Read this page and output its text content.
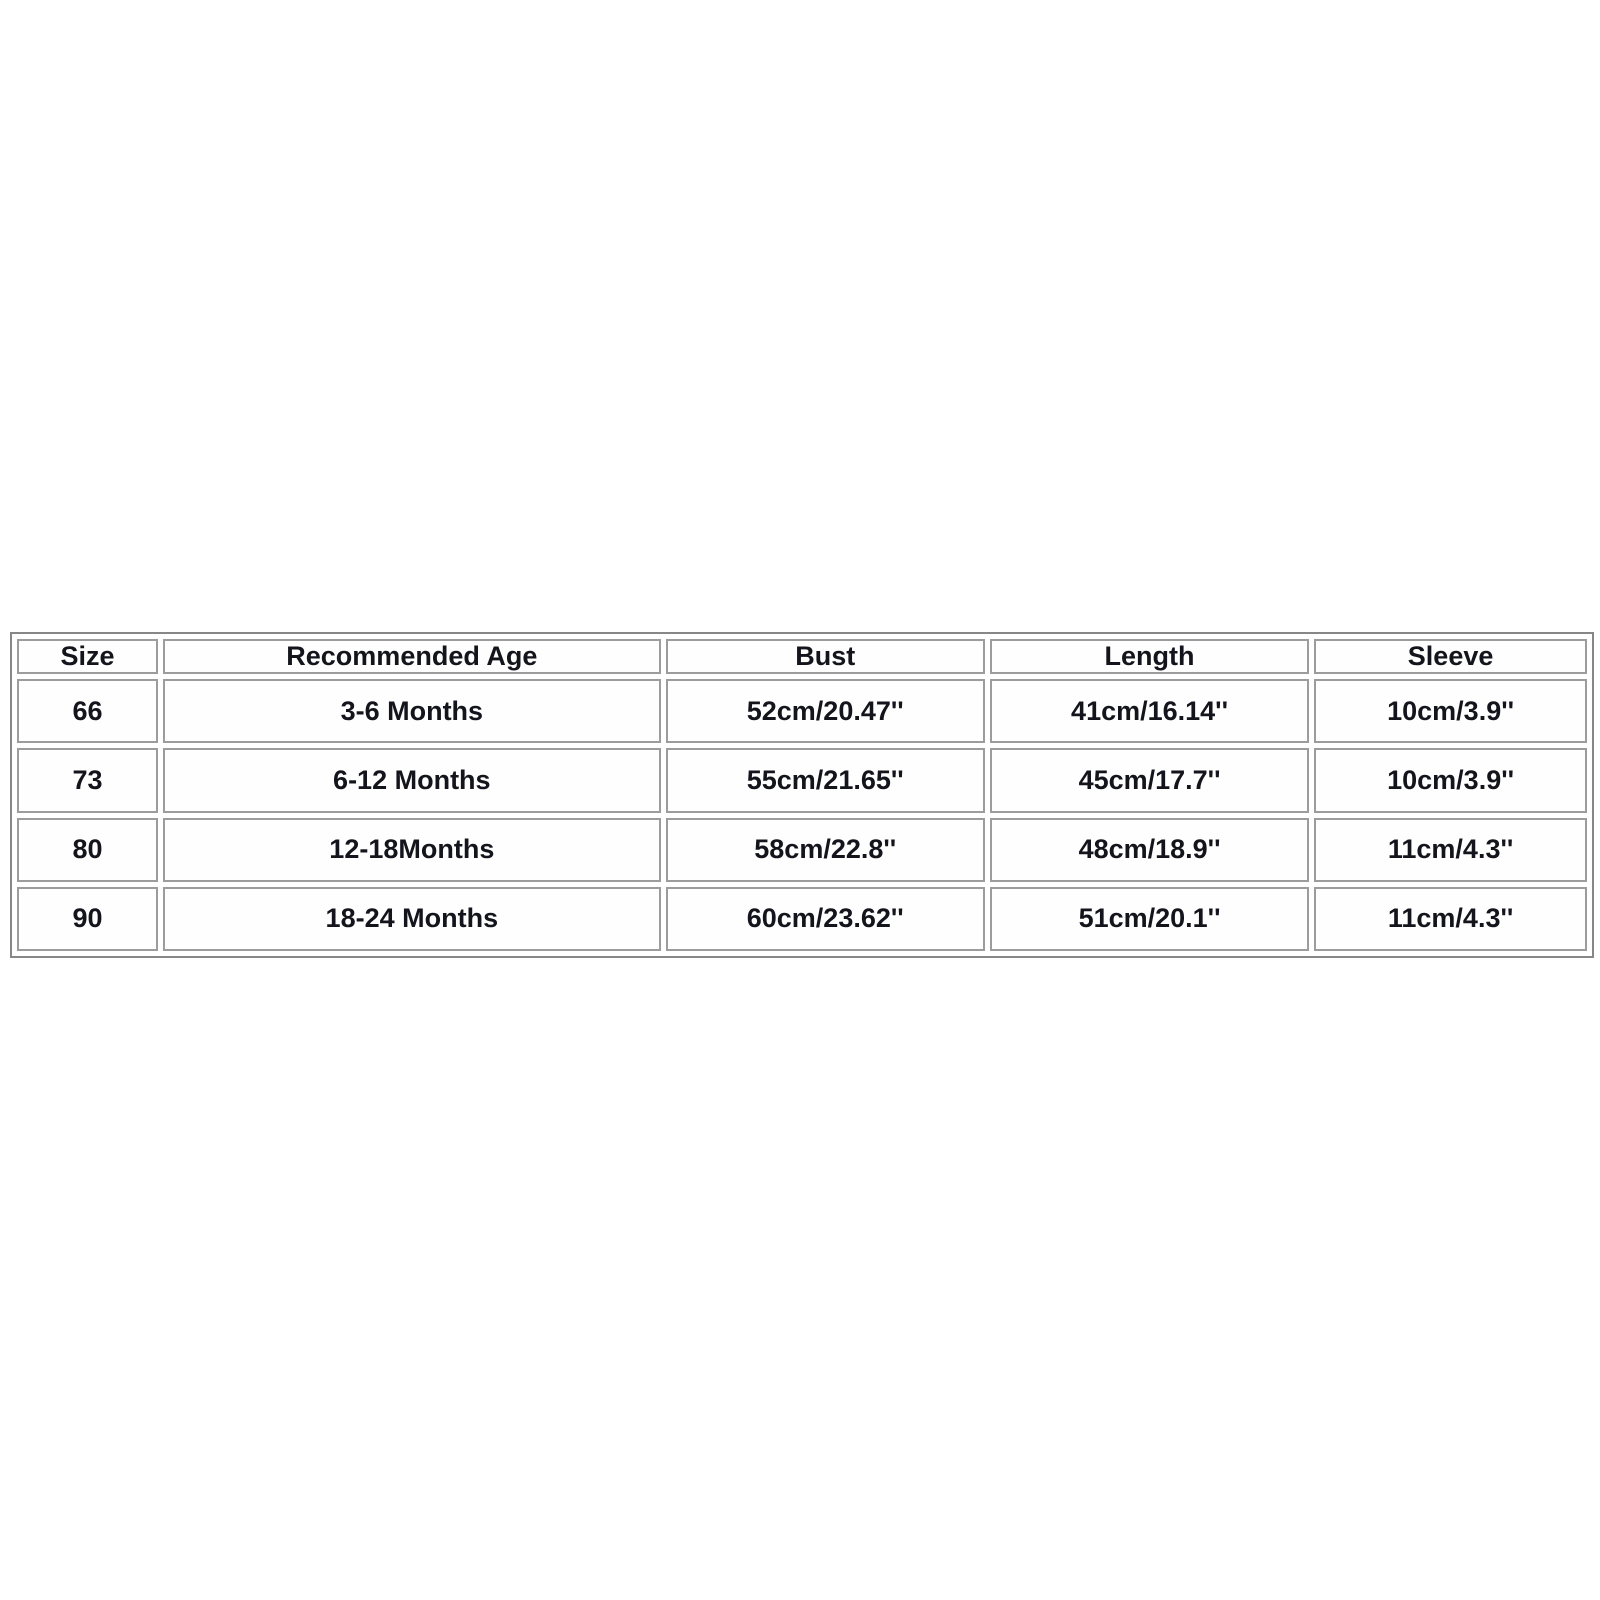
Size	Recommended Age	Bust	Length	Sleeve
66	3-6 Months	52cm/20.47''	41cm/16.14''	10cm/3.9''
73	6-12 Months	55cm/21.65''	45cm/17.7''	10cm/3.9''
80	12-18Months	58cm/22.8''	48cm/18.9''	11cm/4.3''
90	18-24 Months	60cm/23.62''	51cm/20.1''	11cm/4.3''
